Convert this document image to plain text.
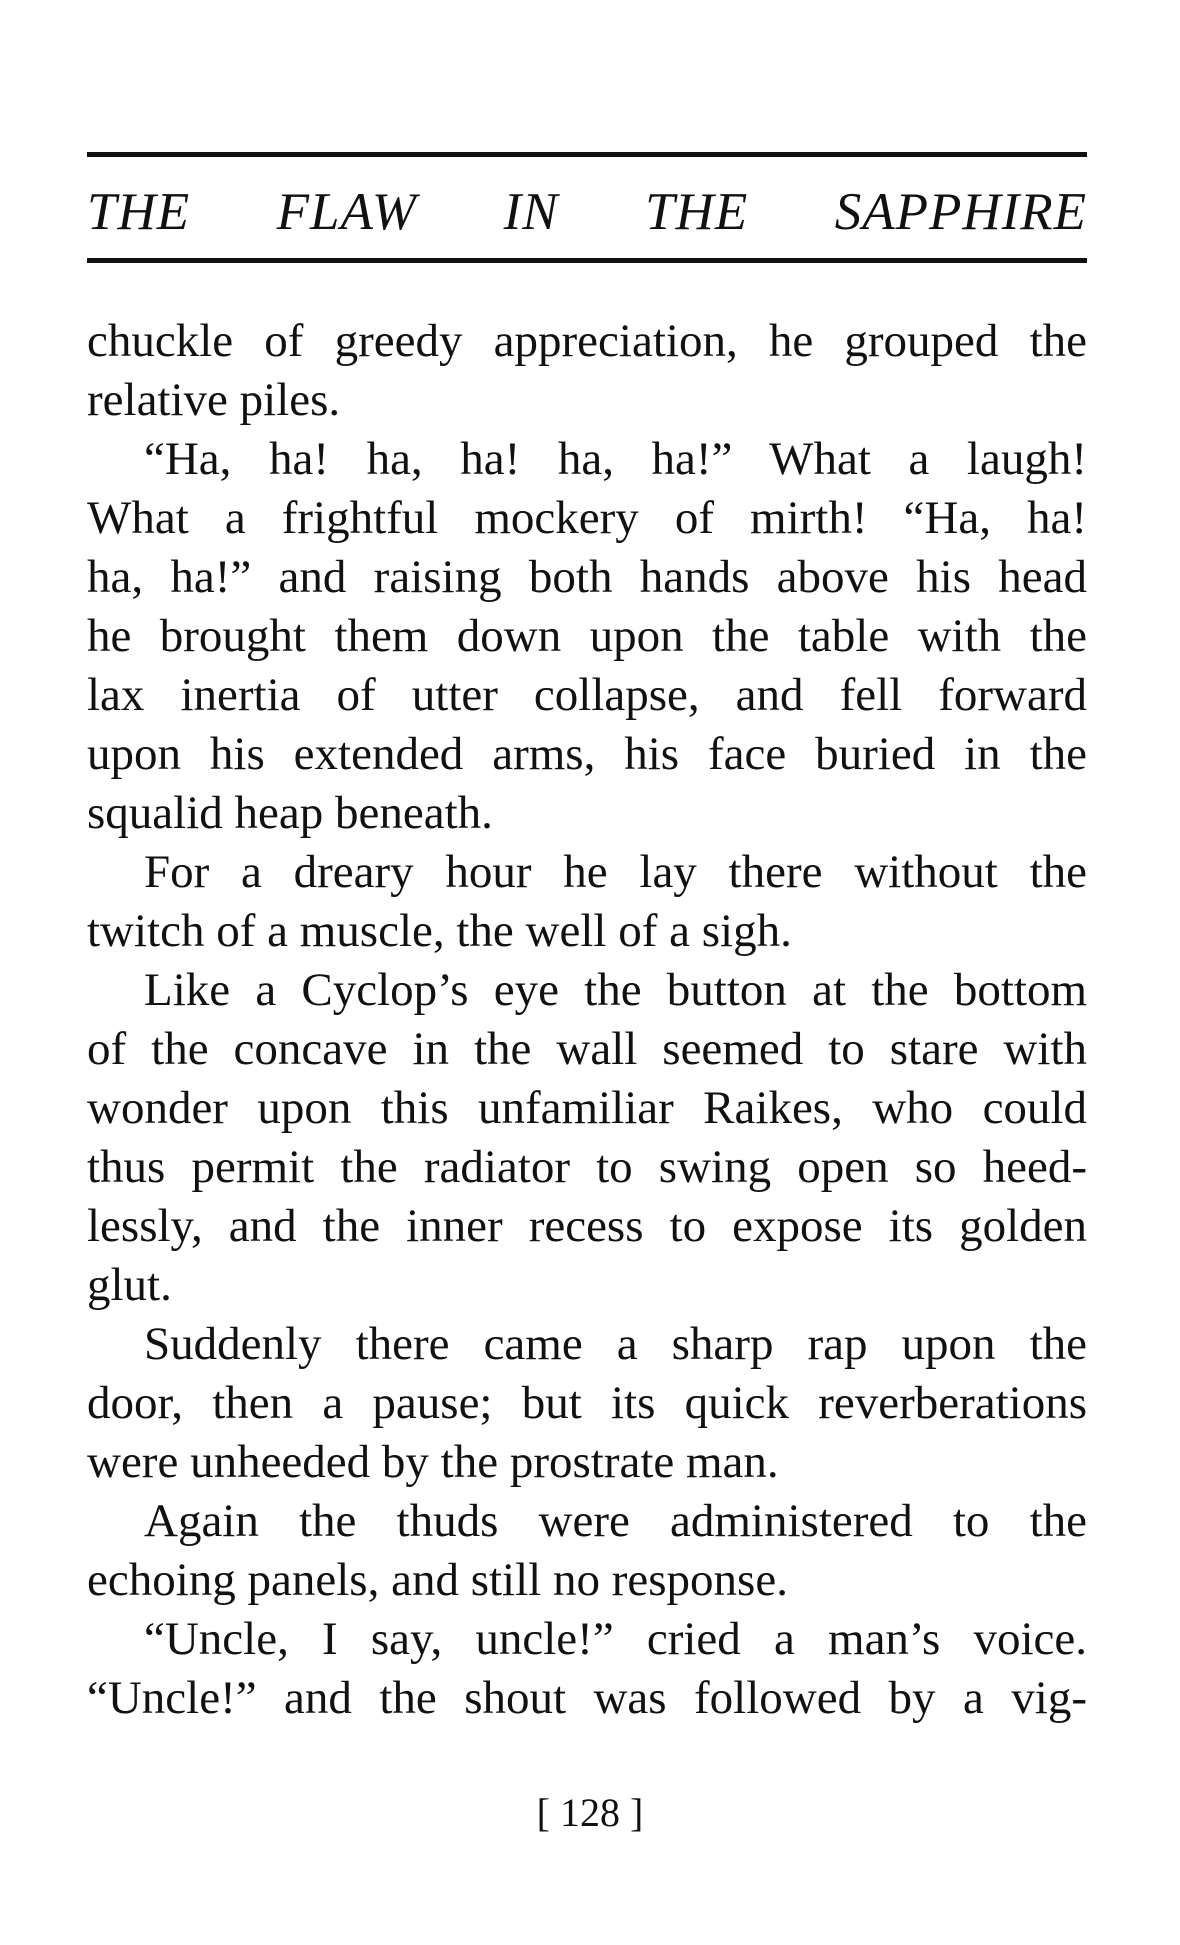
THE FLAW IN THE SAPPHIRE
chuckle of greedy appreciation, he grouped the
relative piles.
“Ha, ha! ha, ha! ha, ha!” What a laugh!
What a frightful mockery of mirth! “Ha, ha!
ha, ha!” and raising both hands above his head
he brought them down upon the table with the
lax inertia of utter collapse, and fell forward
upon his extended arms, his face buried in the
squalid heap beneath.
For a dreary hour he lay there without the
twitch of a muscle, the well of a sigh.
Like a Cyclop’s eye the button at the bottom
of the concave in the wall seemed to stare with
wonder upon this unfamiliar Raikes, who could
thus permit the radiator to swing open so heed-
lessly, and the inner recess to expose its golden
glut.
Suddenly there came a sharp rap upon the
door, then a pause; but its quick reverberations
were unheeded by the prostrate man.
Again the thuds were administered to the
echoing panels, and still no response.
“Uncle, I say, uncle!” cried a man’s voice.
“Uncle!” and the shout was followed by a vig-
[ 128 ]
